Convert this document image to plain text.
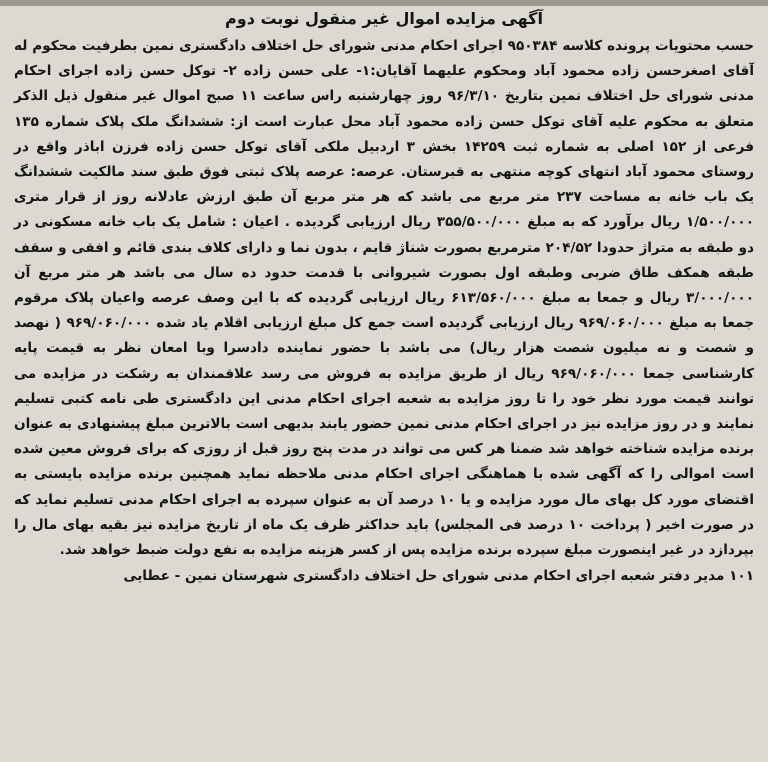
آگهی مزایده اموال غیر منقول نوبت دوم

حسب محتویات پرونده کلاسه ۹۵۰۳۸۴ اجرای احکام مدنی شورای حل اختلاف دادگستری نمین بطرفیت محکوم له آقای اصغرحسن زاده محمود آباد ومحکوم علیهما آقایان:۱- علی حسن زاده ۲- توکل حسن زاده اجرای احکام مدنی شورای حل اختلاف نمین بتاریخ ۹۶/۳/۱۰ روز چهارشنبه راس ساعت ۱۱ صبح اموال غیر منقول ذیل الذکر متعلق به محکوم علیه آقای توکل حسن زاده محمود آباد محل عبارت است از: ششدانگ ملک پلاک شماره ۱۳۵ فرعی از ۱۵۲ اصلی به شماره ثبت ۱۴۲۵۹ بخش ۳ اردبیل ملکی آقای توکل حسن زاده فرزن اباذر واقع در روستای محمود آباد انتهای کوچه منتهی به قبرستان. عرصه: عرصه پلاک ثبتی فوق طبق سند مالکیت ششدانگ یک باب خانه به مساحت ۲۳۷ متر مربع می باشد که هر متر مربع آن طبق ارزش عادلانه روز از قرار متری ۱/۵۰۰/۰۰۰ ریال برآورد که به مبلغ ۳۵۵/۵۰۰/۰۰۰ ریال ارزیابی گردیده . اعیان : شامل یک باب خانه مسکونی در دو طبقه به متراژ حدودا ۲۰۴/۵۲ مترمربع بصورت شناژ قایم ، بدون نما و دارای کلاف بندی قائم و افقی و سقف طبقه همکف طاق ضربی وطبقه اول بصورت شیروانی با قدمت حدود ده سال می باشد هر متر مربع آن ۳/۰۰۰/۰۰۰ ریال و جمعا به مبلغ ۶۱۳/۵۶۰/۰۰۰ ریال ارزیابی گردیده که با این وصف عرصه واعیان پلاک مرقوم جمعا به مبلغ ۹۶۹/۰۶۰/۰۰۰ ریال ارزیابی گردیده است جمع کل مبلغ ارزیابی اقلام یاد شده ۹۶۹/۰۶۰/۰۰۰ ( نهصد و شصت و نه میلیون شصت هزار ریال) می باشد با حضور نماینده دادسرا وبا امعان نظر به قیمت پایه کارشناسی جمعا ۹۶۹/۰۶۰/۰۰۰ ریال از طریق مزایده به فروش می رسد علاقمندان به رشکت در مزایده می توانند قیمت مورد نظر خود را تا روز مزایده به شعبه اجرای احکام مدنی این دادگستری طی نامه کتبی تسلیم نمایند و در روز مزایده نیز در اجرای احکام مدنی نمین حضور یابند بدیهی است بالاترین مبلغ پیشنهادی به عنوان برنده مزایده شناخته خواهد شد ضمنا هر کس می تواند در مدت پنج روز قبل از روزی که برای فروش معین شده است اموالی را که آگهی شده با هماهنگی اجرای احکام مدنی ملاحظه نماید همچنین برنده مزایده بایستی به اقتضای مورد کل بهای مال مورد مزایده و یا ۱۰ درصد آن به عنوان سپرده به اجرای احکام مدنی تسلیم نماید که در صورت اخیر ( پرداخت ۱۰ درصد فی المجلس) باید حداکثر ظرف یک ماه از تاریخ مزایده نیز بقیه بهای مال را بپردازد در غیر اینصورت مبلغ سپرده برنده مزایده پس از کسر هزینه مزایده به نفع دولت ضبط خواهد شد.

۱۰۱ مدیر دفتر شعبه اجرای احکام مدنی شورای حل اختلاف دادگستری شهرستان نمین - عطایی
